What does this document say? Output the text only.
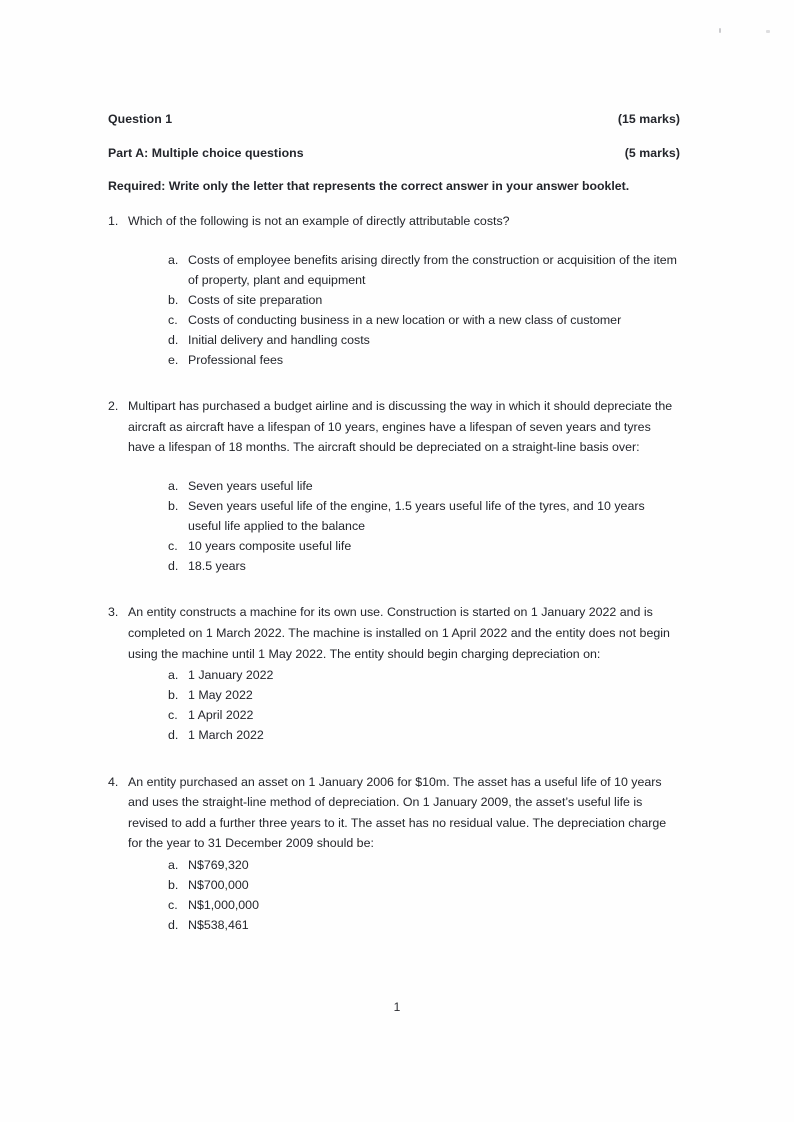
Question 1	(15 marks)
Part A: Multiple choice questions	(5 marks)
Required: Write only the letter that represents the correct answer in your answer booklet.
1. Which of the following is not an example of directly attributable costs?
a. Costs of employee benefits arising directly from the construction or acquisition of the item of property, plant and equipment
b. Costs of site preparation
c. Costs of conducting business in a new location or with a new class of customer
d. Initial delivery and handling costs
e. Professional fees
2. Multipart has purchased a budget airline and is discussing the way in which it should depreciate the aircraft as aircraft have a lifespan of 10 years, engines have a lifespan of seven years and tyres have a lifespan of 18 months. The aircraft should be depreciated on a straight-line basis over:
a. Seven years useful life
b. Seven years useful life of the engine, 1.5 years useful life of the tyres, and 10 years useful life applied to the balance
c. 10 years composite useful life
d. 18.5 years
3. An entity constructs a machine for its own use. Construction is started on 1 January 2022 and is completed on 1 March 2022. The machine is installed on 1 April 2022 and the entity does not begin using the machine until 1 May 2022. The entity should begin charging depreciation on:
a. 1 January 2022
b. 1 May 2022
c. 1 April 2022
d. 1 March 2022
4. An entity purchased an asset on 1 January 2006 for $10m. The asset has a useful life of 10 years and uses the straight-line method of depreciation. On 1 January 2009, the asset’s useful life is revised to add a further three years to it. The asset has no residual value. The depreciation charge for the year to 31 December 2009 should be:
a. N$769,320
b. N$700,000
c. N$1,000,000
d. N$538,461
1
